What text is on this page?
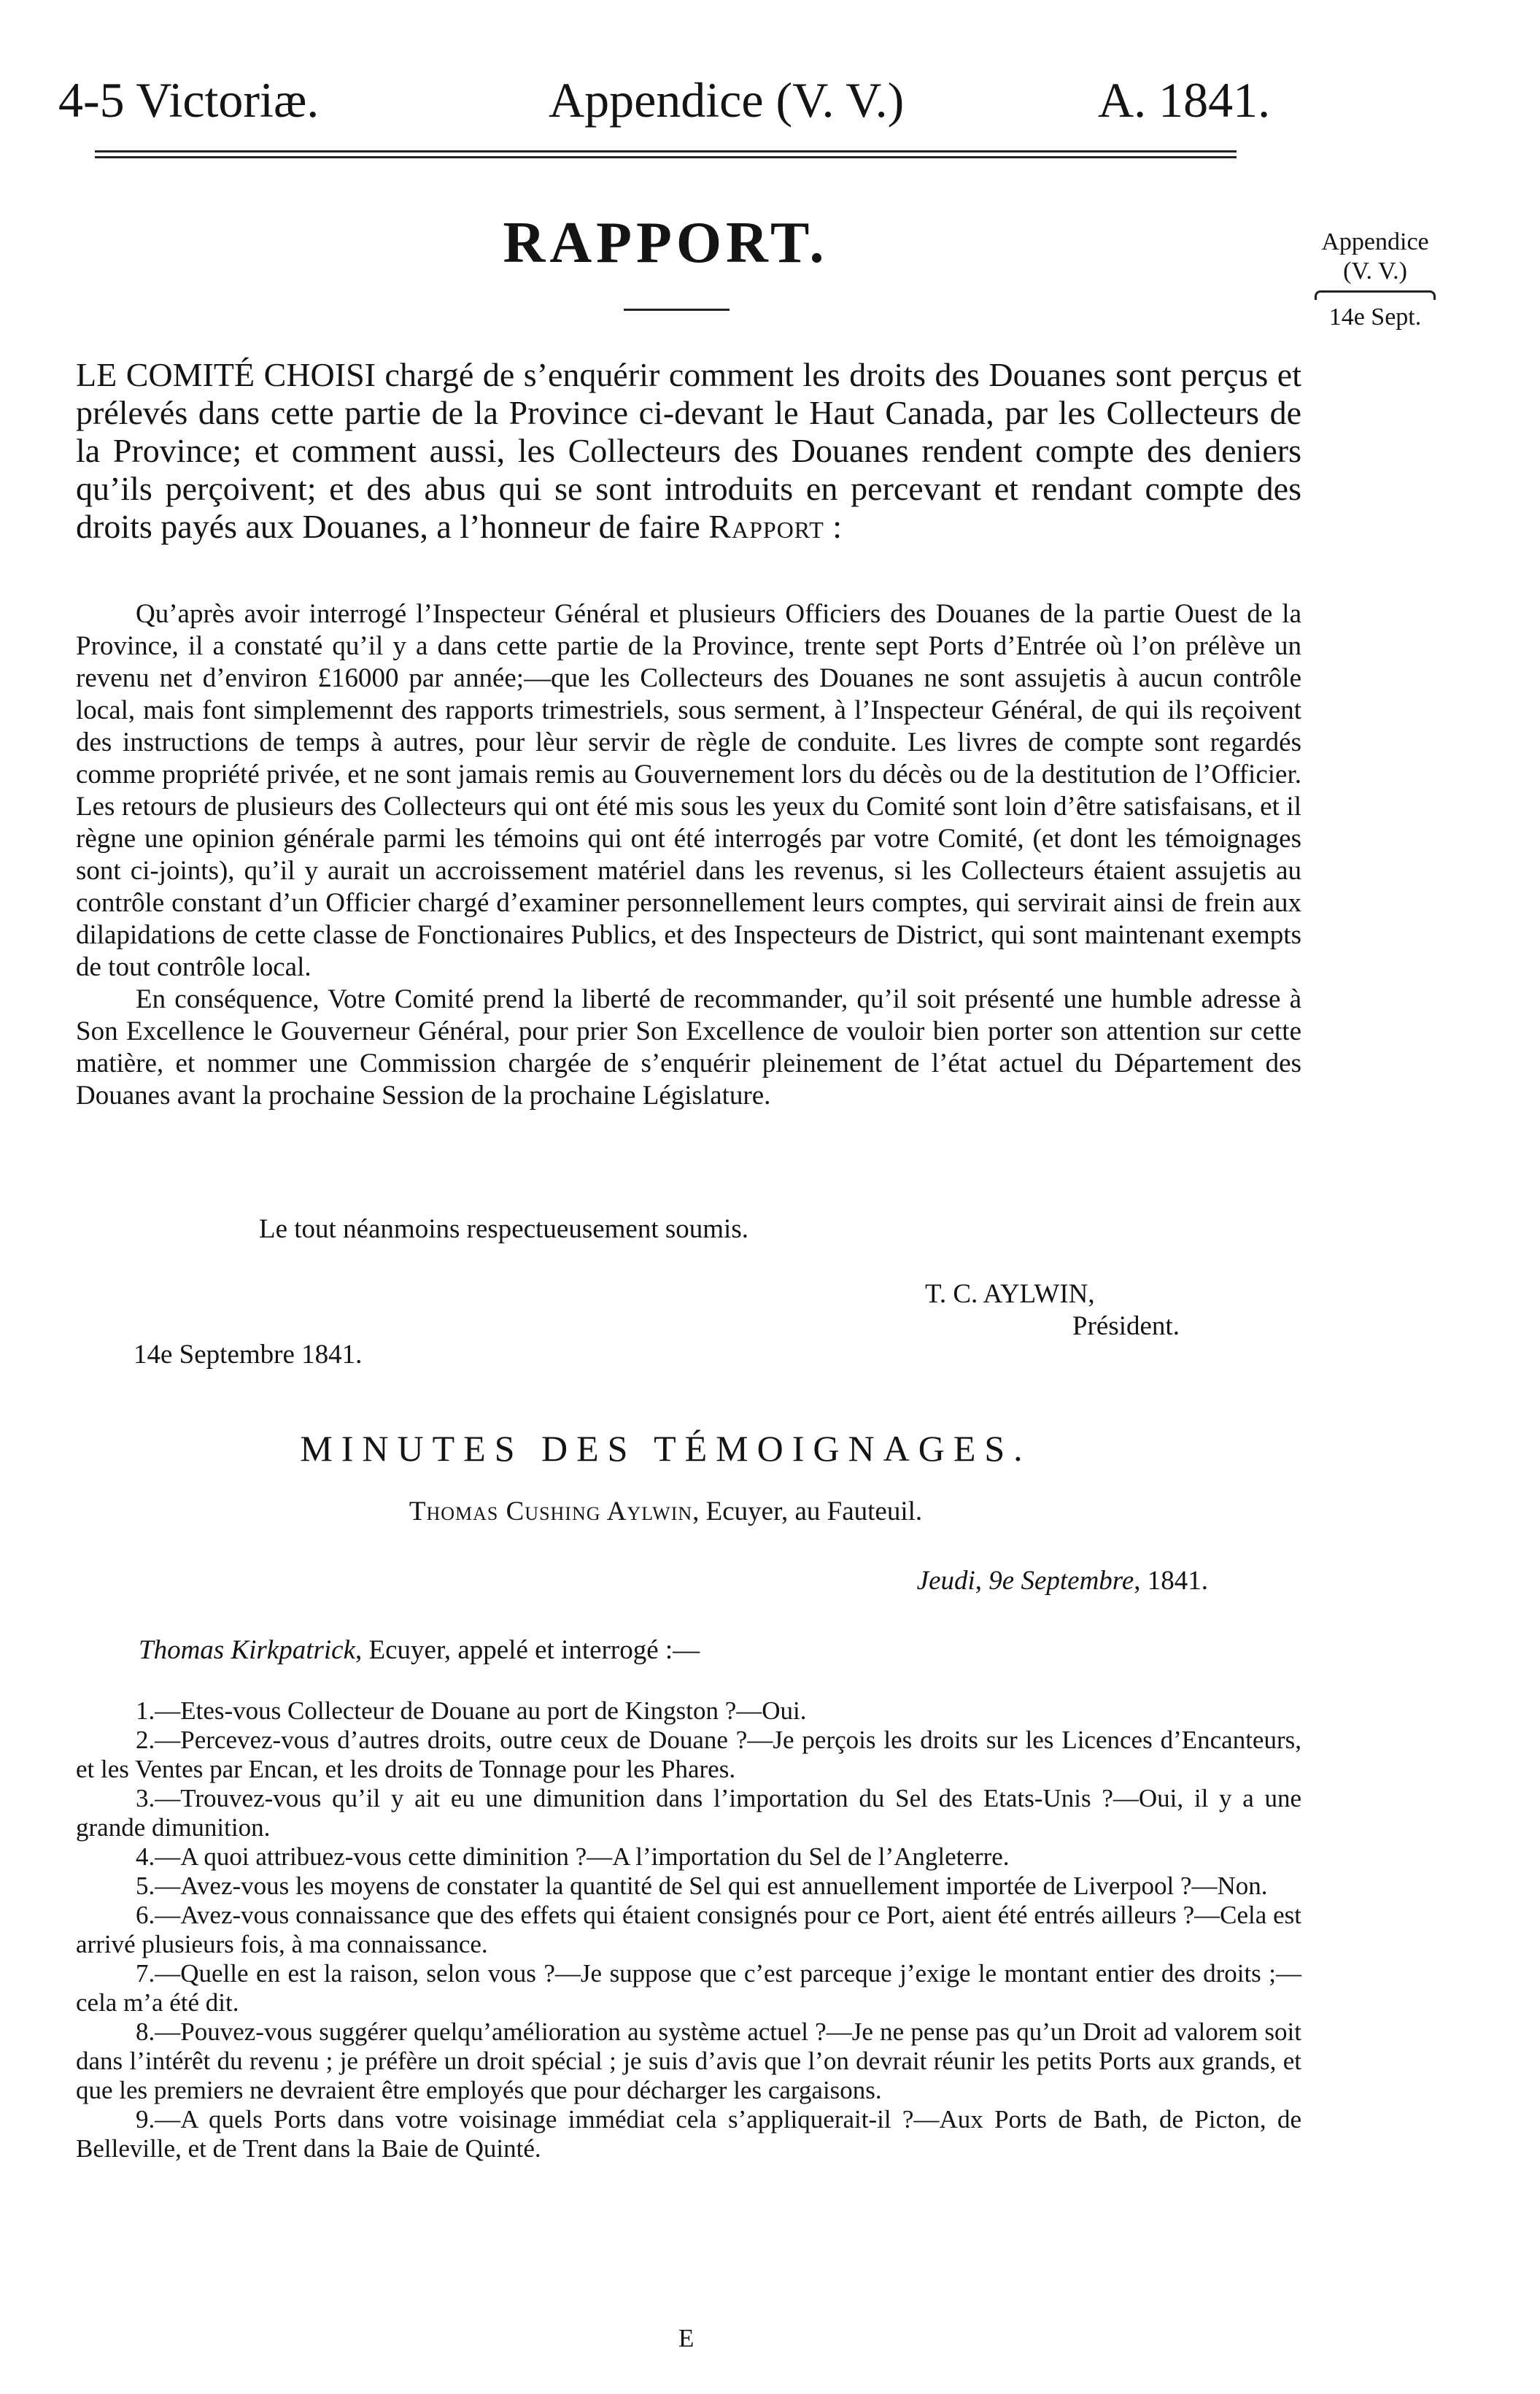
4-5 Victoriæ.	Appendice (V. V.)	A. 1841.
Appendice
(V. V.)
14e Sept.
RAPPORT.
LE COMITÉ CHOISI chargé de s’enquérir comment les droits des Douanes sont perçus et prélevés dans cette partie de la Province ci-devant le Haut Canada, par les Collecteurs de la Province; et comment aussi, les Collecteurs des Douanes rendent compte des deniers qu’ils perçoivent; et des abus qui se sont introduits en percevant et rendant compte des droits payés aux Douanes, a l’honneur de faire Rapport :

Qu’après avoir interrogé l’Inspecteur Général et plusieurs Officiers des Douanes de la partie Ouest de la Province, il a constaté qu’il y a dans cette partie de la Province, trente sept Ports d’Entrée où l’on prélève un revenu net d’environ £16000 par année;—que les Collecteurs des Douanes ne sont assujetis à aucun contrôle local, mais font simplemennt des rapports trimestriels, sous serment, à l’Inspecteur Général, de qui ils reçoivent des instructions de temps à autres, pour lèur servir de règle de conduite. Les livres de compte sont regardés comme propriété privée, et ne sont jamais remis au Gouvernement lors du décès ou de la destitution de l’Officier. Les retours de plusieurs des Collecteurs qui ont été mis sous les yeux du Comité sont loin d’être satisfaisans, et il règne une opinion générale parmi les témoins qui ont été interrogés par votre Comité, (et dont les témoignages sont ci-joints), qu’il y aurait un accroissement matériel dans les revenus, si les Collecteurs étaient assujetis au contrôle constant d’un Officier chargé d’examiner personnellement leurs comptes, qui servirait ainsi de frein aux dilapidations de cette classe de Fonctionaires Publics, et des Inspecteurs de District, qui sont maintenant exempts de tout contrôle local.

En conséquence, Votre Comité prend la liberté de recommander, qu’il soit présenté une humble adresse à Son Excellence le Gouverneur Général, pour prier Son Excellence de vouloir bien porter son attention sur cette matière, et nommer une Commission chargée de s’enquérir pleinement de l’état actuel du Département des Douanes avant la prochaine Session de la prochaine Législature.

Le tout néanmoins respectueusement soumis.
T. C. AYLWIN,
Président.
14e Septembre 1841.
MINUTES DES TÉMOIGNAGES.
Thomas Cushing Aylwin, Ecuyer, au Fauteuil.
Jeudi, 9e Septembre, 1841.
Thomas Kirkpatrick, Ecuyer, appelé et interrogé :—

1.—Etes-vous Collecteur de Douane au port de Kingston ?—Oui.

2.—Percevez-vous d’autres droits, outre ceux de Douane ?—Je perçois les droits sur les Licences d’Encanteurs, et les Ventes par Encan, et les droits de Tonnage pour les Phares.

3.—Trouvez-vous qu’il y ait eu une dimunition dans l’importation du Sel des Etats-Unis ?—Oui, il y a une grande dimunition.

4.—A quoi attribuez-vous cette diminition ?—A l’importation du Sel de l’Angleterre.

5.—Avez-vous les moyens de constater la quantité de Sel qui est annuellement importée de Liverpool ?—Non.

6.—Avez-vous connaissance que des effets qui étaient consignés pour ce Port, aient été entrés ailleurs ?—Cela est arrivé plusieurs fois, à ma connaissance.

7.—Quelle en est la raison, selon vous ?—Je suppose que c’est parceque j’exige le montant entier des droits ;—cela m’a été dit.

8.—Pouvez-vous suggérer quelqu’amélioration au système actuel ?—Je ne pense pas qu’un Droit ad valorem soit dans l’intérêt du revenu ; je préfère un droit spécial ; je suis d’avis que l’on devrait réunir les petits Ports aux grands, et que les premiers ne devraient être employés que pour décharger les cargaisons.

9.—A quels Ports dans votre voisinage immédiat cela s’appliquerait-il ?—Aux Ports de Bath, de Picton, de Belleville, et de Trent dans la Baie de Quinté.

E
